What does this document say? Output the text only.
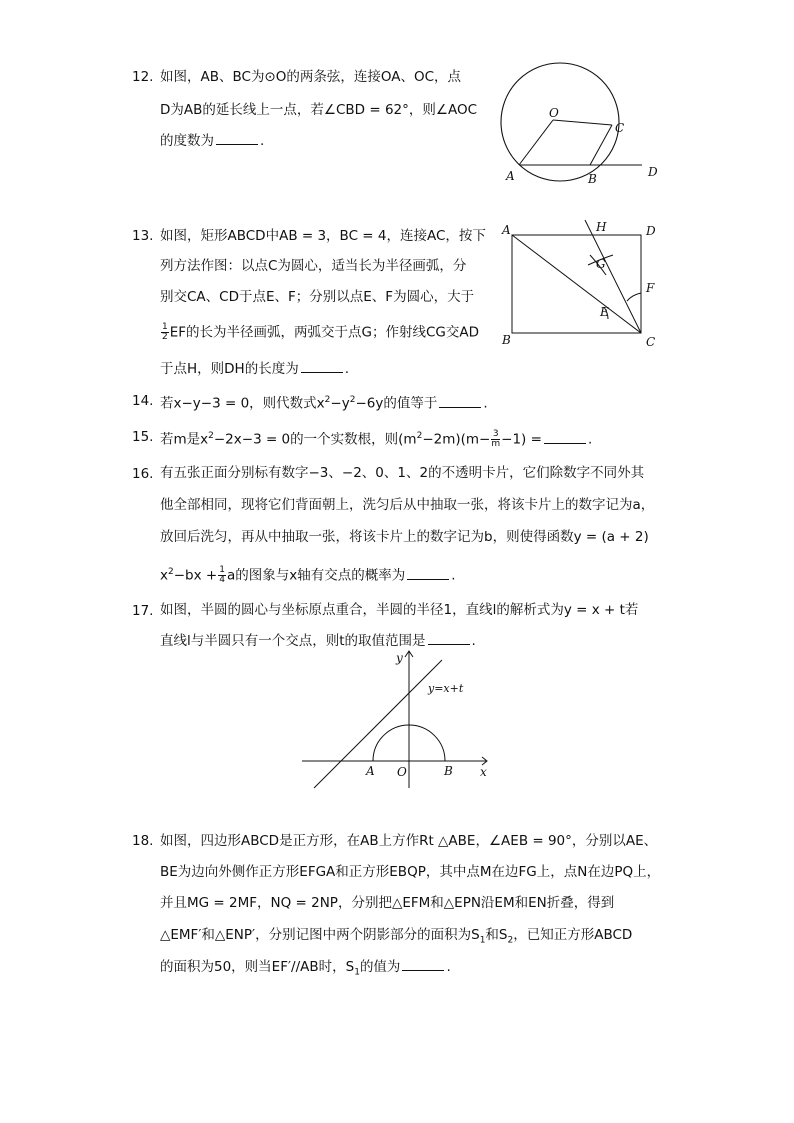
12. 如图，AB、BC为⊙O的两条弦，连接OA、OC，点
D为AB的延长线上一点，若∠CBD = 62°，则∠AOC
的度数为	.
O
C
A	B	D
13. 如图，矩形ABCD中AB = 3，BC = 4，连接AC，按下
列方法作图：以点C为圆心，适当长为半径画弧，分
别交CA、CD于点E、F；分别以点E、F为圆心，大于
$\frac{1}{2}$ EF的长为半径画弧，两弧交于点G；作射线CG交AD
于点H，则DH的长度为	.
A	H	D
G
F
E
B	C
14. 若x−y−3 = 0，则代数式$x^2-y^2-6y$的值等于	.
15. 若m是$x^2-2x-3 = 0$的一个实数根，则$(m^2-2m)(m- \frac{3}{m} -1)$ =	.
16. 有五张正面分别标有数字−3、−2、0、1、2的不透明卡片，它们除数字不同外其
他全部相同，现将它们背面朝上，洗匀后从中抽取一张，将该卡片上的数字记为a，
放回后洗匀，再从中抽取一张，将该卡片上的数字记为b，则使得函数y = (a + 2)
$x^2-bx + \frac{1}{4}$ a的图象与x轴有交点的概率为	.
17. 如图，半圆的圆心与坐标原点重合，半圆的半径1，直线l的解析式为y = x + t若
直线l与半圆只有一个交点，则t的取值范围是	.
y
y=x+t
A O	B x
18. 如图，四边形ABCD是正方形，在AB上方作Rt △ABE，∠AEB = 90°，分别以AE、
BE为边向外侧作正方形EFGA和正方形EBQP，其中点M在边FG上，点N在边PQ上，
并且MG = 2MF，NQ = 2NP，分别把△EFM和△EPN沿EM和EN折叠，得到
△EMF′和△ENP′，分别记图中两个阴影部分的面积为$S_1$和$S_2$，已知正方形ABCD
的面积为50，则当EF′//AB时，$S_1$的值为	.
